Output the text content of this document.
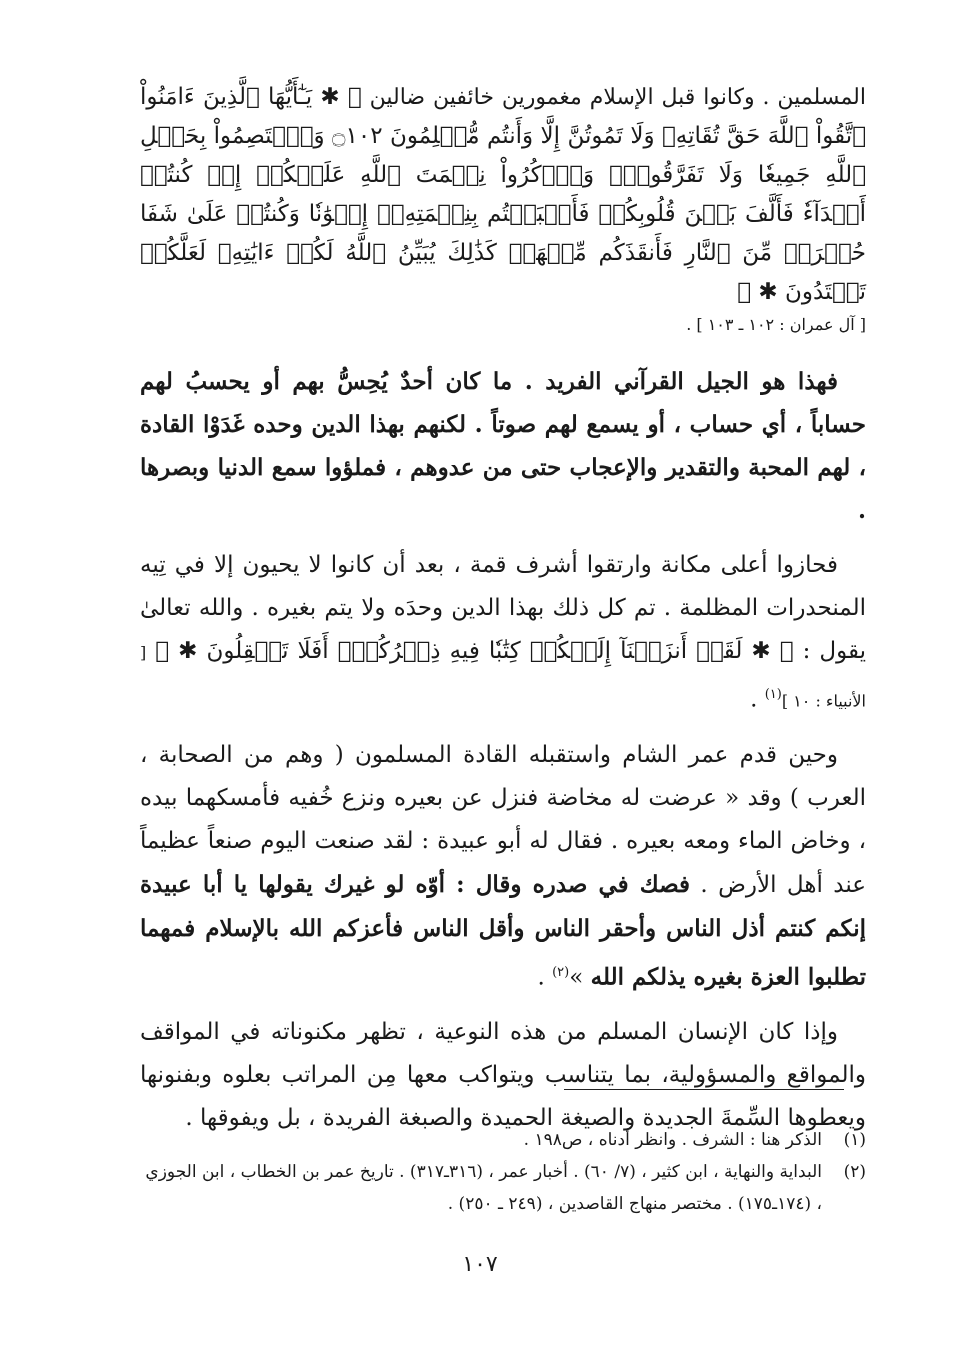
المسلمين . وكانوا قبل الإسلام مغمورين خائفين ضالين ﴿ ✱ يَـٰٓأَيُّهَا ٱلَّذِينَ ءَامَنُواْ ٱتَّقُواْ ٱللَّهَ حَقَّ تُقَاتِهِۦ وَلَا تَمُوتُنَّ إِلَّا وَأَنتُم مُّسۡلِمُونَ ۝١٠٢ وَٱعۡتَصِمُواْ بِحَبۡلِ ٱللَّهِ جَمِيعٗا وَلَا تَفَرَّقُواْۚ وَٱذۡكُرُواْ نِعۡمَتَ ٱللَّهِ عَلَيۡكُمۡ إِذۡ كُنتُمۡ أَعۡدَآءٗ فَأَلَّفَ بَيۡنَ قُلُوبِكُمۡ فَأَصۡبَحۡتُم بِنِعۡمَتِهِۦٓ إِخۡوَٰنٗا وَكُنتُمۡ عَلَىٰ شَفَا حُفۡرَةٖ مِّنَ ٱلنَّارِ فَأَنقَذَكُم مِّنۡهَاۗ كَذَٰلِكَ يُبَيِّنُ ٱللَّهُ لَكُمۡ ءَايَٰتِهِۦ لَعَلَّكُمۡ تَهۡتَدُونَ ✱ ﴾

[ آل عمران : ١٠٢ ـ ١٠٣ ] .

فهذا هو الجيل القرآني الفريد . ما كان أحدٌ يُحِسُّ بهم أو يحسبُ لهم حساباً ، أي حساب ، أو يسمع لهم صوتاً . لكنهم بهذا الدين وحده غَدَوْا القادة ، لهم المحبة والتقدير والإعجاب حتى من عدوهم ، فملؤوا سمع الدنيا وبصرها .

فحازوا أعلى مكانة وارتقوا أشرف قمة ، بعد أن كانوا لا يحيون إلا في تِيه المنحدرات المظلمة . تم كل ذلك بهذا الدين وحدَه ولا يتم بغيره . والله تعالىٰ يقول : ﴿ ✱ لَقَدۡ أَنزَلۡنَآ إِلَيۡكُمۡ كِتَٰبٗا فِيهِ ذِكۡرُكُمۡۚ أَفَلَا تَعۡقِلُونَ ✱ ﴾ [ الأنبياء : ١٠ ]$^{(١)}$ .

وحين قدم عمر الشام واستقبله القادة المسلمون ( وهم من الصحابة ، العرب ) وقد « عرضت له مخاضة فنزل عن بعيره ونزع خُفيه فأمسكهما بيده ، وخاض الماء ومعه بعيره . فقال له أبو عبيدة : لقد صنعت اليوم صنعاً عظيماً عند أهل الأرض . فصك في صدره وقال : أوّه لو غيرك يقولها يا أبا عبيدة إنكم كنتم أذل الناس وأحقر الناس وأقل الناس فأعزكم الله بالإسلام فمهما تطلبوا العزة بغيره يذلكم الله »$^{(٢)}$ .

وإذا كان الإنسان المسلم من هذه النوعية ، تظهر مكنوناته في المواقف والمواقع والمسؤولية، بما يتناسب ويتواكب معها مِن المراتب بعلوه وبفنونها ويعطوها السِّمةَ الجديدة والصيغة الحميدة والصبغة الفريدة ، بل ويفوقها .

(١)
الذكر هنا : الشرف . وانظر أدناه ، ص١٩٨ .
(٢)
البداية والنهاية ، ابن كثير ، (٧/ ٦٠) . أخبار عمر ، (٣١٦ـ٣١٧) . تاريخ عمر بن الخطاب ، ابن الجوزي ، (١٧٤ـ١٧٥) . مختصر منهاج القاصدين ، (٢٤٩ ـ ٢٥٠) .
١٠٧
